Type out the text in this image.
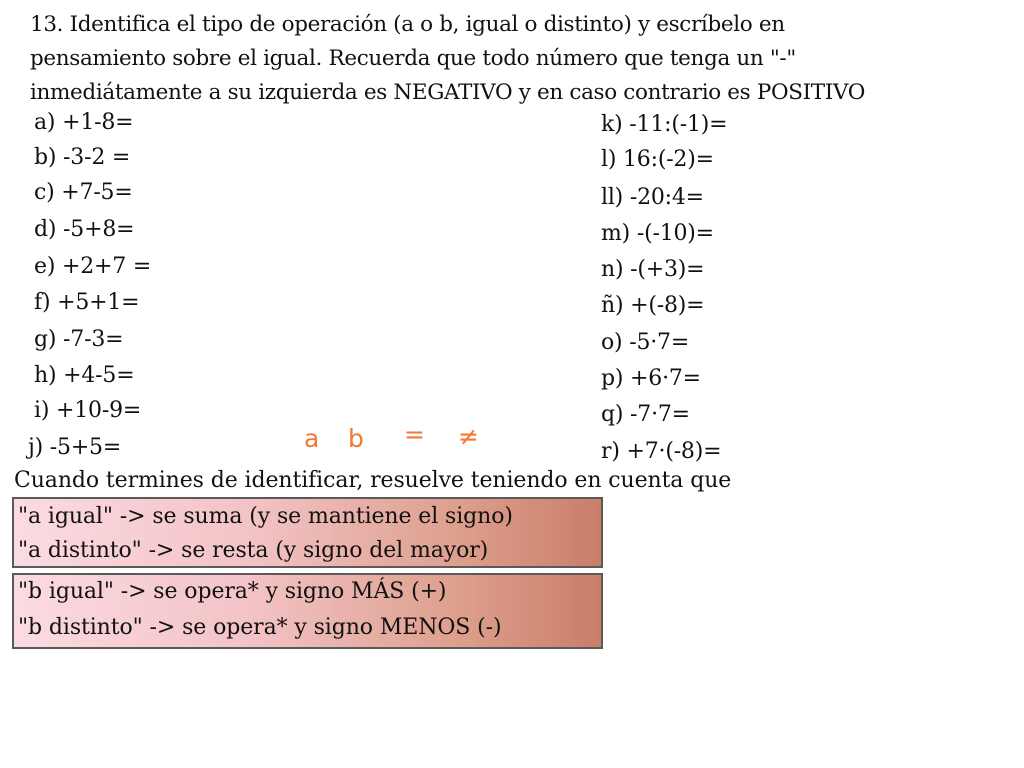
13. Identifica el tipo de operación (a o b, igual o distinto) y escríbelo en
pensamiento sobre el igual. Recuerda que todo número que tenga un "-"
inmediátamente a su izquierda es NEGATIVO y en caso contrario es POSITIVO
a) +1-8=
b) -3-2 =
c) +7-5=
d) -5+8=
e) +2+7 =
f) +5+1=
g) -7-3=
h) +4-5=
i) +10-9=
j) -5+5=
k) -11:(-1)=
l) 16:(-2)=
ll) -20:4=
m) -(-10)=
n) -(+3)=
ñ) +(-8)=
o) -5·7=
p) +6·7=
q) -7·7=
r) +7·(-8)=
a b = ≠
Cuando termines de identificar, resuelve teniendo en cuenta que
"a igual" -> se suma (y se mantiene el signo)
"a distinto" -> se resta (y signo del mayor)
"b igual" -> se opera* y signo MÁS (+)
"b distinto" -> se opera* y signo MENOS (-)
